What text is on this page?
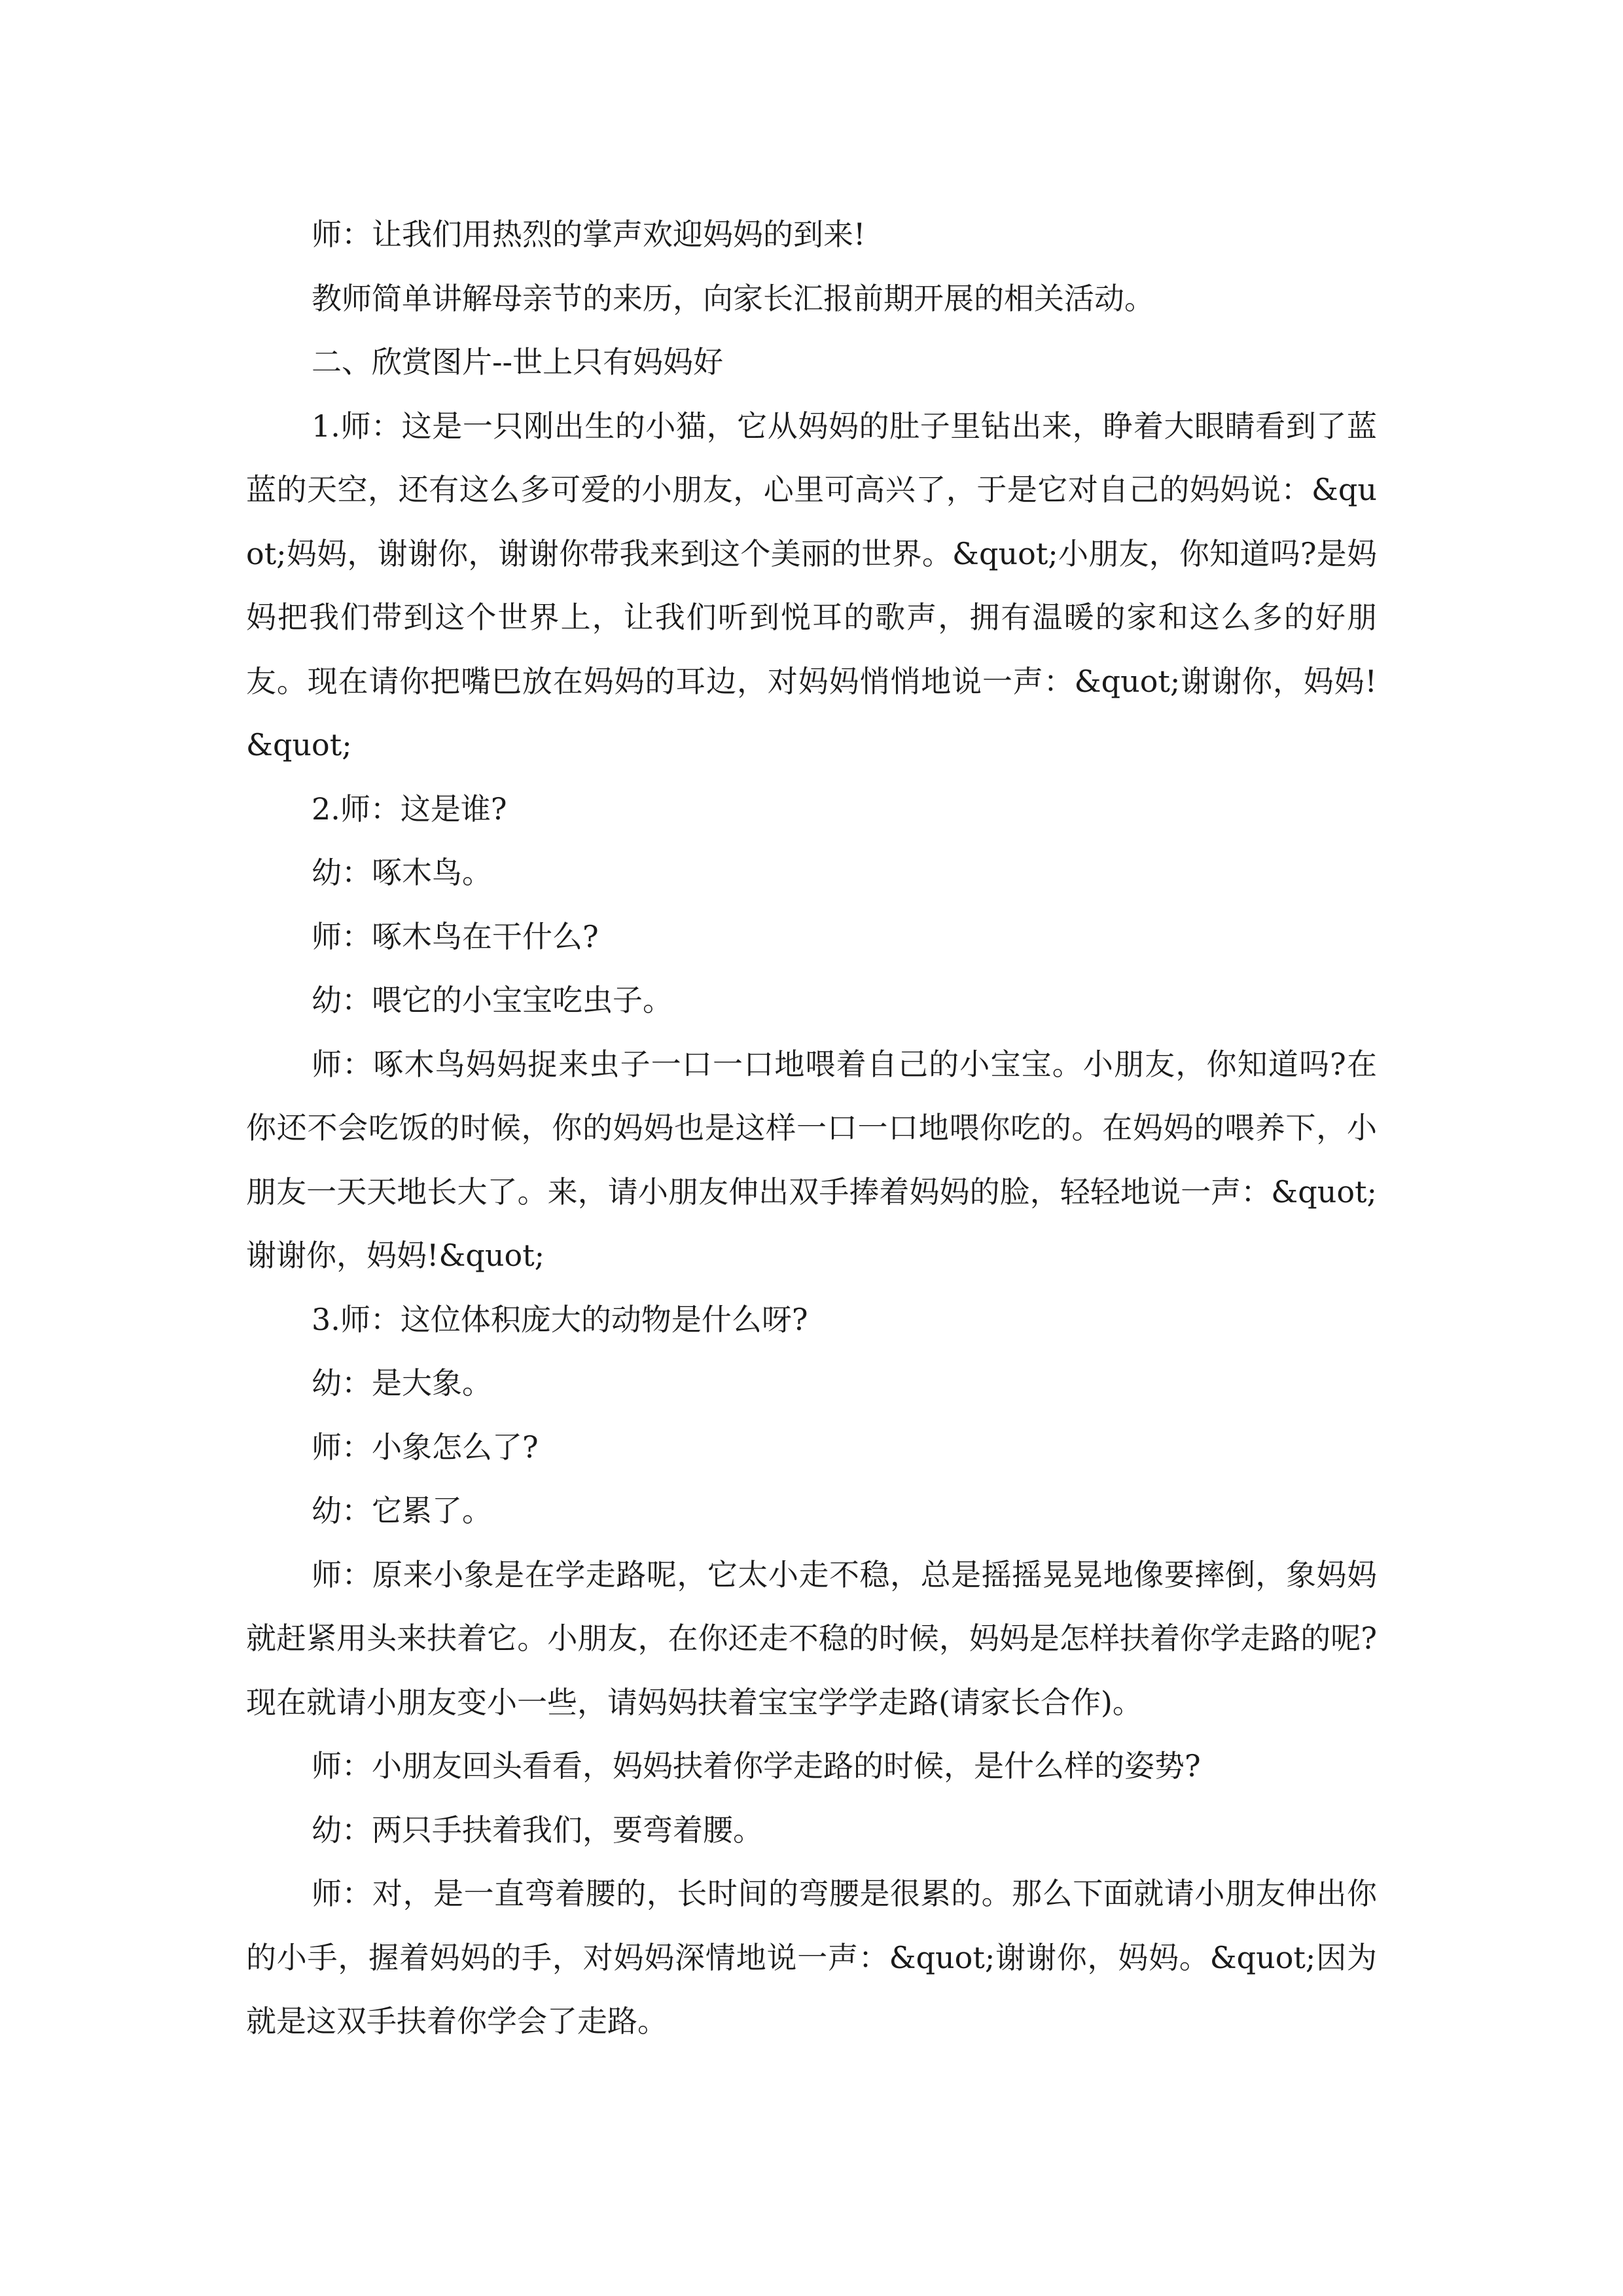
师：让我们用热烈的掌声欢迎妈妈的到来!

教师简单讲解母亲节的来历，向家长汇报前期开展的相关活动。

二、欣赏图片--世上只有妈妈好

1.师：这是一只刚出生的小猫，它从妈妈的肚子里钻出来，睁着大眼睛看到了蓝蓝的天空，还有这么多可爱的小朋友，心里可高兴了，于是它对自己的妈妈说：&quot;妈妈，谢谢你，谢谢你带我来到这个美丽的世界。&quot;小朋友，你知道吗?是妈妈把我们带到这个世界上，让我们听到悦耳的歌声，拥有温暖的家和这么多的好朋友。现在请你把嘴巴放在妈妈的耳边，对妈妈悄悄地说一声：&quot;谢谢你，妈妈!&quot;

2.师：这是谁?

幼：啄木鸟。

师：啄木鸟在干什么?

幼：喂它的小宝宝吃虫子。

师：啄木鸟妈妈捉来虫子一口一口地喂着自己的小宝宝。小朋友，你知道吗?在你还不会吃饭的时候，你的妈妈也是这样一口一口地喂你吃的。在妈妈的喂养下，小朋友一天天地长大了。来，请小朋友伸出双手捧着妈妈的脸，轻轻地说一声：&quot;谢谢你，妈妈!&quot;

3.师：这位体积庞大的动物是什么呀?

幼：是大象。

师：小象怎么了?

幼：它累了。

师：原来小象是在学走路呢，它太小走不稳，总是摇摇晃晃地像要摔倒，象妈妈就赶紧用头来扶着它。小朋友，在你还走不稳的时候，妈妈是怎样扶着你学走路的呢?现在就请小朋友变小一些，请妈妈扶着宝宝学学走路(请家长合作)。

师：小朋友回头看看，妈妈扶着你学走路的时候，是什么样的姿势?

幼：两只手扶着我们，要弯着腰。

师：对，是一直弯着腰的，长时间的弯腰是很累的。那么下面就请小朋友伸出你的小手，握着妈妈的手，对妈妈深情地说一声：&quot;谢谢你，妈妈。&quot;因为就是这双手扶着你学会了走路。
